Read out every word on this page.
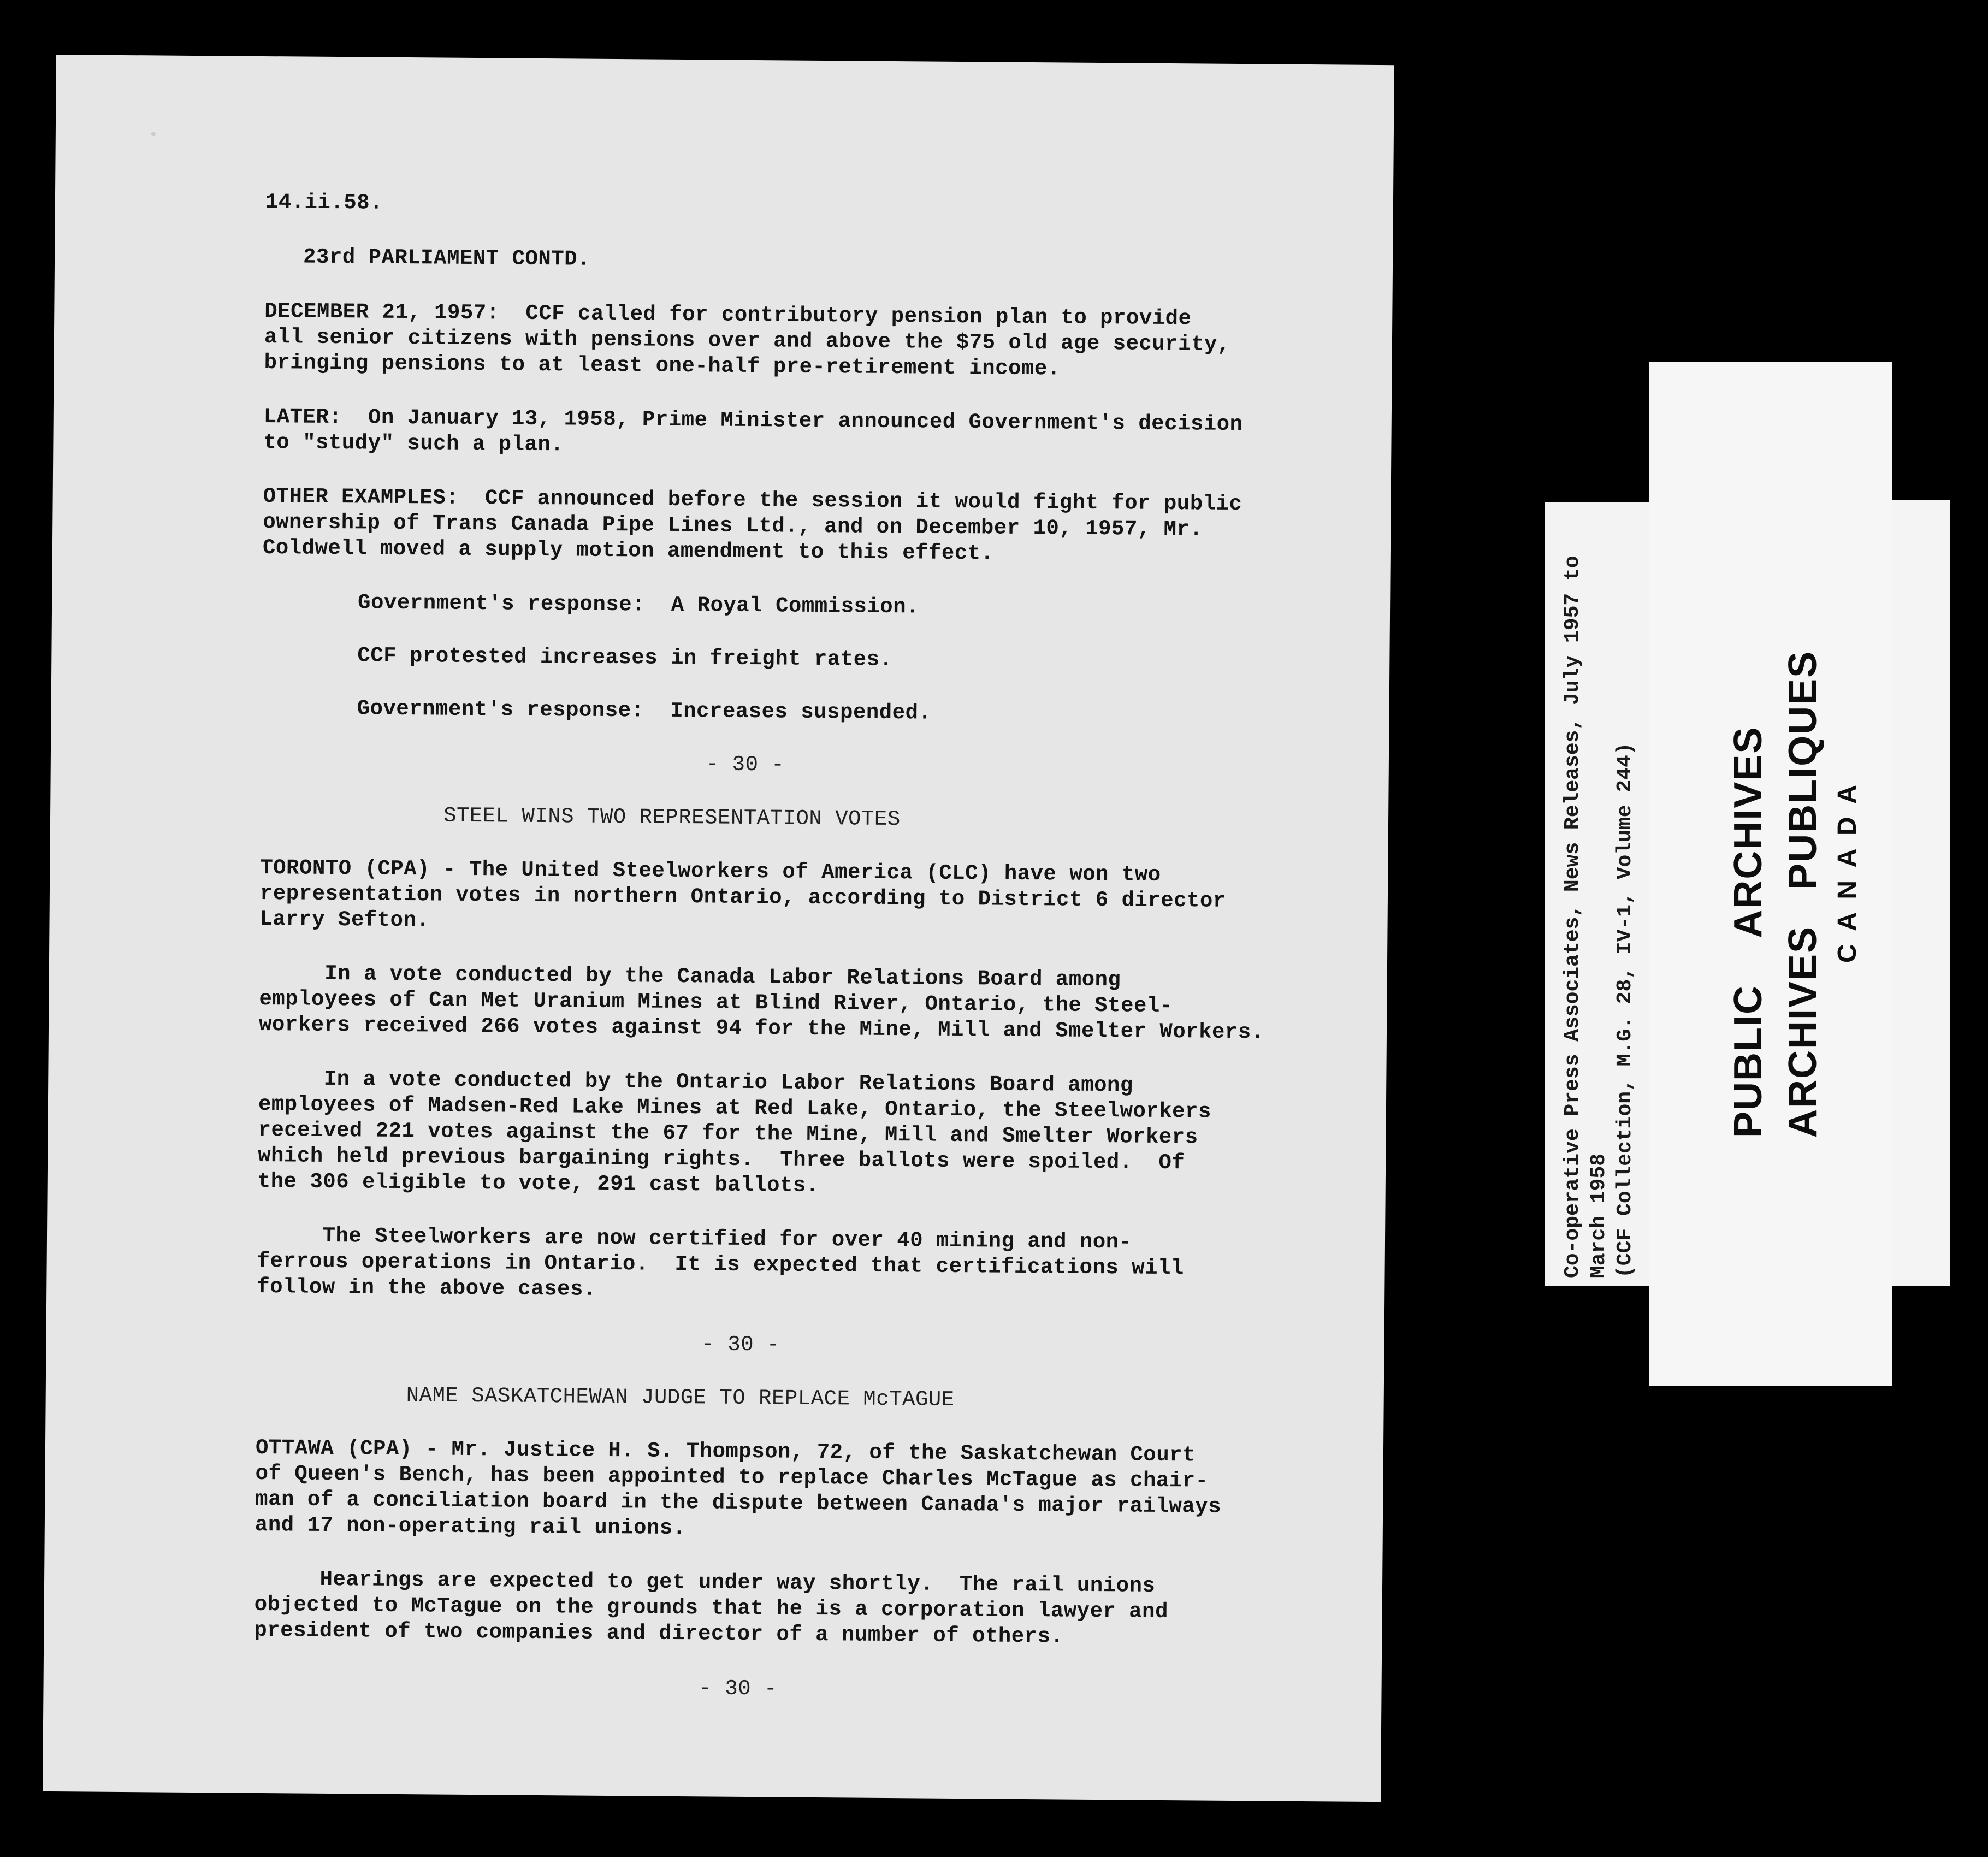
14.ii.58.
23rd PARLIAMENT CONTD.
DECEMBER 21, 1957:  CCF called for contributory pension plan to provide
all senior citizens with pensions over and above the $75 old age security,
bringing pensions to at least one-half pre-retirement income.
LATER:  On January 13, 1958, Prime Minister announced Government's decision
to "study" such a plan.
OTHER EXAMPLES:  CCF announced before the session it would fight for public
ownership of Trans Canada Pipe Lines Ltd., and on December 10, 1957, Mr.
Coldwell moved a supply motion amendment to this effect.
Government's response:  A Royal Commission.
CCF protested increases in freight rates.
Government's response:  Increases suspended.
- 30 -
STEEL WINS TWO REPRESENTATION VOTES
TORONTO (CPA) - The United Steelworkers of America (CLC) have won two
representation votes in northern Ontario, according to District 6 director
Larry Sefton.
In a vote conducted by the Canada Labor Relations Board among
employees of Can Met Uranium Mines at Blind River, Ontario, the Steel-
workers received 266 votes against 94 for the Mine, Mill and Smelter Workers.
In a vote conducted by the Ontario Labor Relations Board among
employees of Madsen-Red Lake Mines at Red Lake, Ontario, the Steelworkers
received 221 votes against the 67 for the Mine, Mill and Smelter Workers
which held previous bargaining rights.  Three ballots were spoiled.  Of
the 306 eligible to vote, 291 cast ballots.
The Steelworkers are now certified for over 40 mining and non-
ferrous operations in Ontario.  It is expected that certifications will
follow in the above cases.
- 30 -
NAME SASKATCHEWAN JUDGE TO REPLACE McTAGUE
OTTAWA (CPA) - Mr. Justice H. S. Thompson, 72, of the Saskatchewan Court
of Queen's Bench, has been appointed to replace Charles McTague as chair-
man of a conciliation board in the dispute between Canada's major railways
and 17 non-operating rail unions.
Hearings are expected to get under way shortly.  The rail unions
objected to McTague on the grounds that he is a corporation lawyer and
president of two companies and director of a number of others.
- 30 -
PUBLIC    ARCHIVES ARCHIVES   PUBLIQUES C A N A D A
Co-operative Press Associates, News Releases, July 1957 to March 1958 (CCF Collection, M.G. 28, IV-1, Volume 244)
